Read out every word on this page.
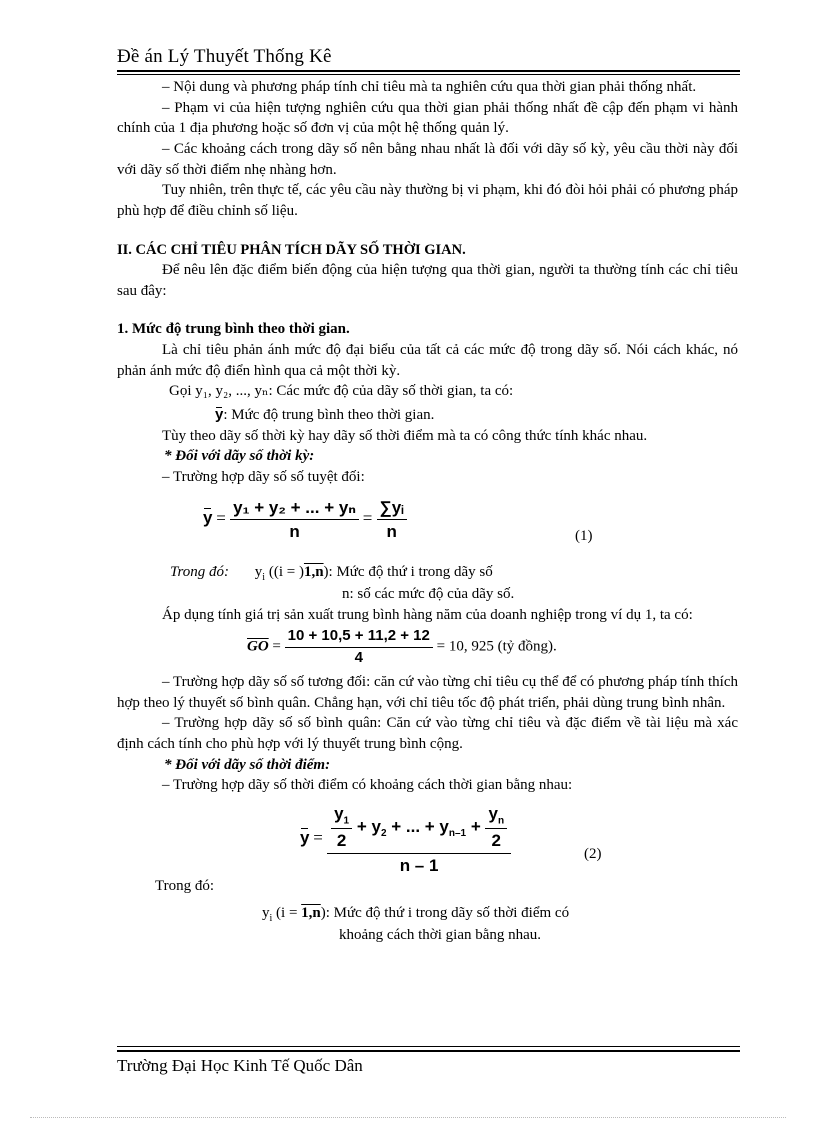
Đề án Lý Thuyết Thống Kê

– Nội dung và phương pháp tính chỉ tiêu mà ta nghiên cứu qua thời gian phải thống nhất.

– Phạm vi của hiện tượng nghiên cứu qua thời gian phải thống nhất đề cập đến phạm vi hành chính của 1 địa phương hoặc số đơn vị của một hệ thống quản lý.

– Các khoảng cách trong dãy số nên bằng nhau nhất là đối với dãy số kỳ, yêu cầu thời này đối với dãy số thời điểm nhẹ nhàng hơn.

Tuy nhiên, trên thực tế, các yêu cầu này thường bị vi phạm, khi đó đòi hỏi phải có phương pháp phù hợp để điều chỉnh số liệu.

II. CÁC CHỈ TIÊU PHÂN TÍCH DÃY SỐ THỜI GIAN.

Để nêu lên đặc điểm biến động của hiện tượng qua thời gian, người ta thường tính các chỉ tiêu sau đây:

1. Mức độ trung bình theo thời gian.

Là chỉ tiêu phản ánh mức độ đại biểu của tất cả các mức độ trong dãy số. Nói cách khác, nó phản ánh mức độ điển hình qua cả một thời kỳ.

Gọi y₁, y₂, ..., yₙ: Các mức độ của dãy số thời gian, ta có:

y: Mức độ trung bình theo thời gian.

Tùy theo dãy số thời kỳ hay dãy số thời điểm mà ta có công thức tính khác nhau.

* Đối với dãy số thời kỳ:

– Trường hợp dãy số số tuyệt đối:

$y = \frac{\text{y₁ + y₂ + ... + yₙ}}{n} = \frac{\text{∑yᵢ}}{n}$	(1)

Trong đó: $y_i$ ((i = )1,n): Mức độ thứ i trong dãy số

n: số các mức độ của dãy số.

Áp dụng tính giá trị sản xuất trung bình hàng năm của doanh nghiệp trong ví dụ 1, ta có:

$\overline{GO} = \frac{10 + 10,5 + 11,2 + 12}{4} = 10$, 925 (tỷ đồng).

– Trường hợp dãy số số tương đối: căn cứ vào từng chỉ tiêu cụ thể để có phương pháp tính thích hợp theo lý thuyết số bình quân. Chẳng hạn, với chỉ tiêu tốc độ phát triển, phải dùng trung bình nhân.

– Trường hợp dãy số số bình quân: Căn cứ vào từng chỉ tiêu và đặc điểm về tài liệu mà xác định cách tính cho phù hợp với lý thuyết trung bình cộng.

* Đối với dãy số thời điểm:

– Trường hợp dãy số thời điểm có khoảng cách thời gian bằng nhau:

$y = \frac{\frac{y_1}{2} + y_2 + ... + y_{n-1} + \frac{y_n}{2}}{n - 1}$	(2)

Trong đó:

$y_i$ (i = 1,n): Mức độ thứ i trong dãy số thời điểm có

khoảng cách thời gian bằng nhau.

Trường Đại Học Kinh Tế Quốc Dân
